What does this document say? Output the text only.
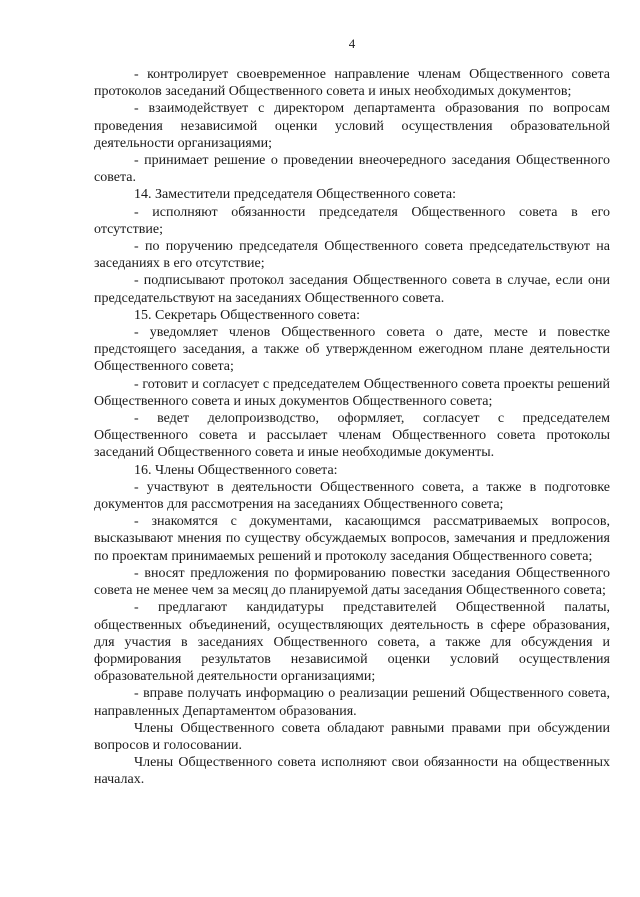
4

- контролирует своевременное направление членам Общественного совета протоколов заседаний Общественного совета и иных необходимых документов;

- взаимодействует с директором департамента образования по вопросам проведения независимой оценки условий осуществления образовательной деятельности организациями;

- принимает решение о проведении внеочередного заседания Общественного совета.

14. Заместители председателя Общественного совета:

- исполняют обязанности председателя Общественного совета в его отсутствие;

- по поручению председателя Общественного совета председательствуют на заседаниях в его отсутствие;

- подписывают протокол заседания Общественного совета в случае, если они председательствуют на заседаниях Общественного совета.

15. Секретарь Общественного совета:

- уведомляет членов Общественного совета о дате, месте и повестке предстоящего заседания, а также об утвержденном ежегодном плане деятельности Общественного совета;

- готовит и согласует с председателем Общественного совета проекты решений Общественного совета и иных документов Общественного совета;

- ведет делопроизводство, оформляет, согласует с председателем Общественного совета и рассылает членам Общественного совета протоколы заседаний Общественного совета и иные необходимые документы.

16. Члены Общественного совета:

- участвуют в деятельности Общественного совета, а также в подготовке документов для рассмотрения на заседаниях Общественного совета;

- знакомятся с документами, касающимся рассматриваемых вопросов, высказывают мнения по существу обсуждаемых вопросов, замечания и предложения по проектам принимаемых решений и протоколу заседания Общественного совета;

- вносят предложения по формированию повестки заседания Общественного совета не менее чем за месяц до планируемой даты заседания Общественного совета;

- предлагают кандидатуры представителей Общественной палаты, общественных объединений, осуществляющих деятельность в сфере образования, для участия в заседаниях Общественного совета, а также для обсуждения и формирования результатов независимой оценки условий осуществления образовательной деятельности организациями;

- вправе получать информацию о реализации решений Общественного совета, направленных Департаментом образования.

Члены Общественного совета обладают равными правами при обсуждении вопросов и голосовании.

Члены Общественного совета исполняют свои обязанности на общественных началах.
